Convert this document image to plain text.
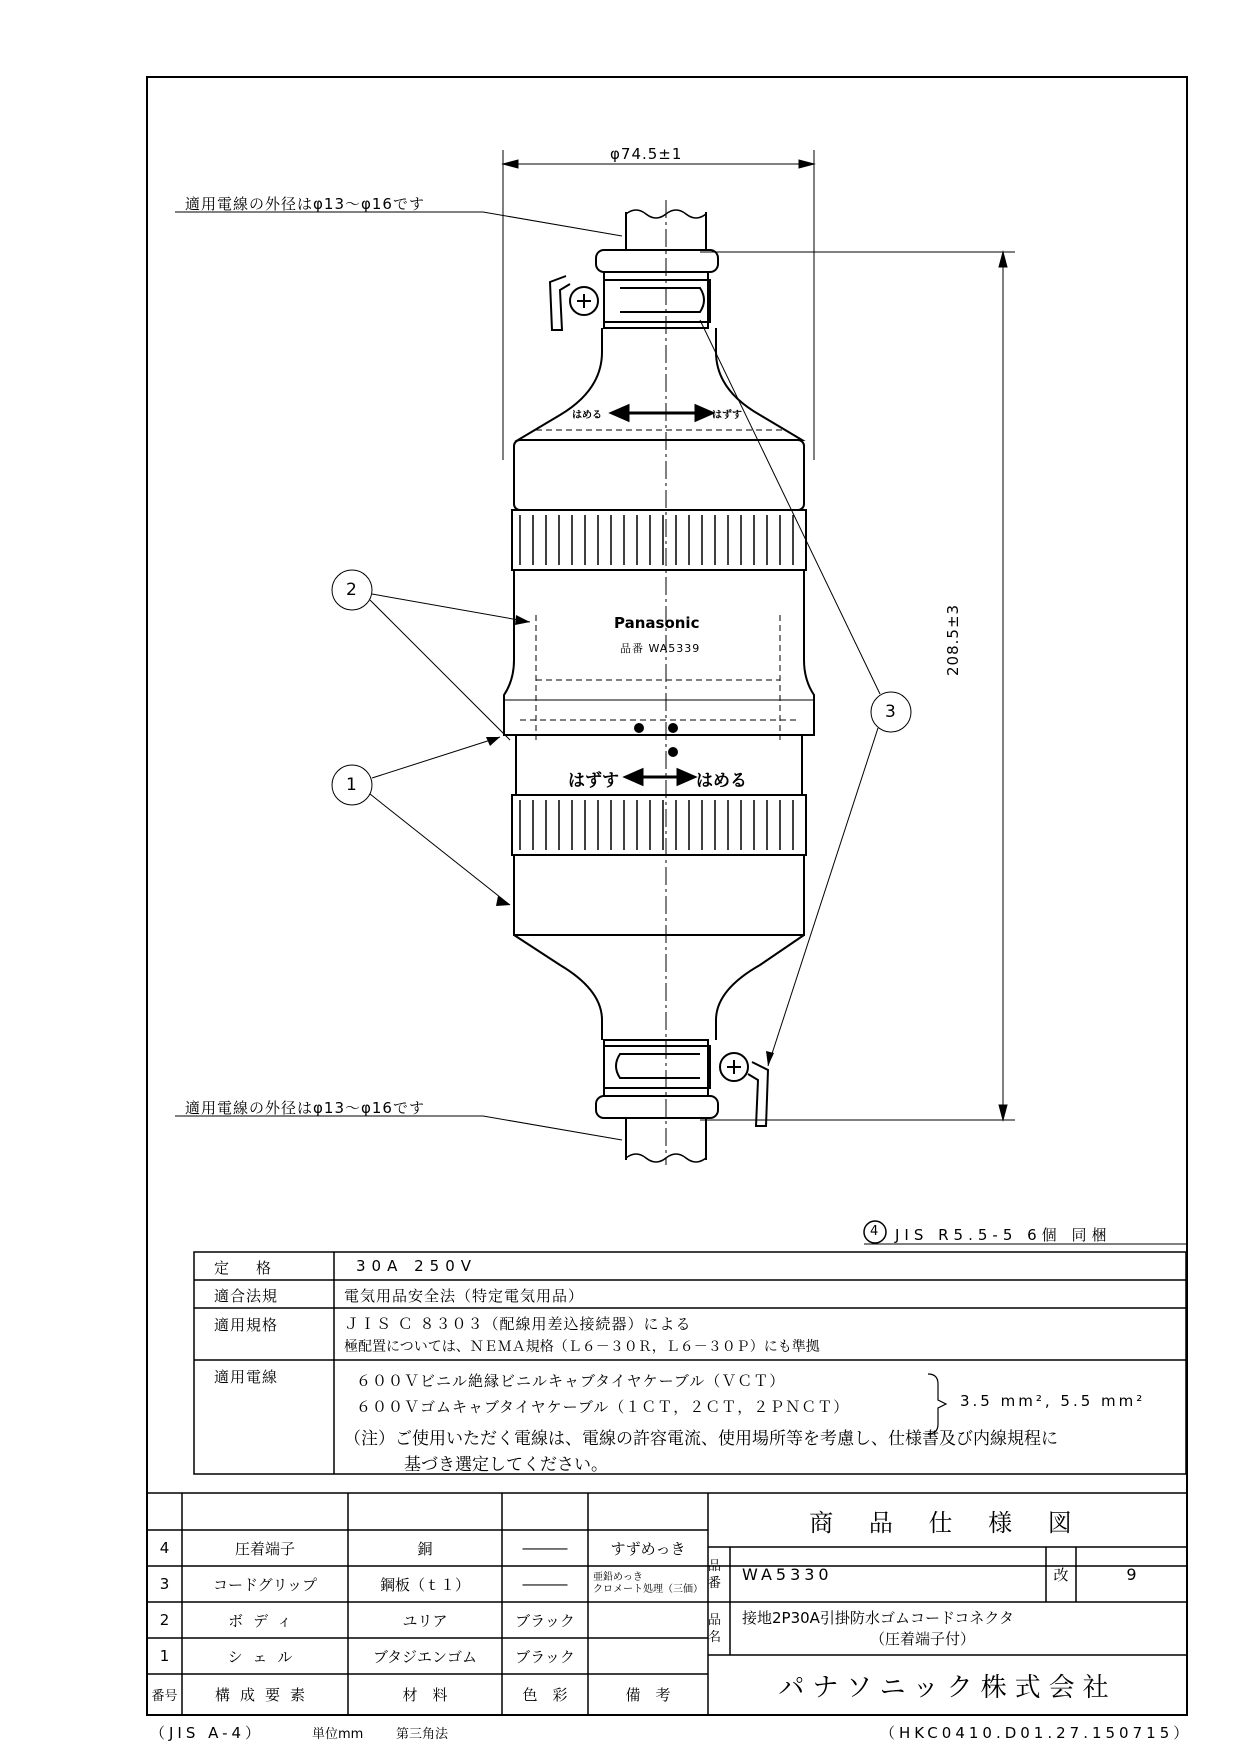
φ74.5±1
208.5±3
適用電線の外径はφ13～φ16です
適用電線の外径はφ13～φ16です
Panasonic
品番 WA5339
はめる	はずす
はずす	はめる
2
1
3
4 JIS R5.5-5 6個 同梱
定　格	30A 250V
適合法規	電気用品安全法（特定電気用品）
適用規格	ＪＩＳ Ｃ ８３０３（配線用差込接続器）による
極配置については、ＮＥＭＡ規格（Ｌ６－３０Ｒ，Ｌ６－３０Ｐ）にも準拠
適用電線	６００Ｖビニル絶縁ビニルキャブタイヤケーブル（ＶＣＴ）
６００Ｖゴムキャブタイヤケーブル（１ＣＴ，２ＣＴ，２ＰＮＣＴ）	3.5 mm², 5.5 mm²
（注）ご使用いただく電線は、電線の許容電流、使用場所等を考慮し、仕様書及び内線規程に
基づき選定してください。
4	圧着端子	銅	―――	すずめっき
3	コードグリップ	鋼板（ｔ１）	―――	亜鉛めっき
クロメート処理（三価）
2	ボディ	ユリア	ブラック
1	シェル	ブタジエンゴム	ブラック
番号	構成要素	材　料	色　彩	備　考
商 品 仕 様 図
品番	WA5330	改	9
品名
接地2P30A引掛防水ゴムコードコネクタ
（圧着端子付）
パナソニック株式会社
（JIS A-4）	単位mm	第三角法	（HKC0410.D01.27.150715）
